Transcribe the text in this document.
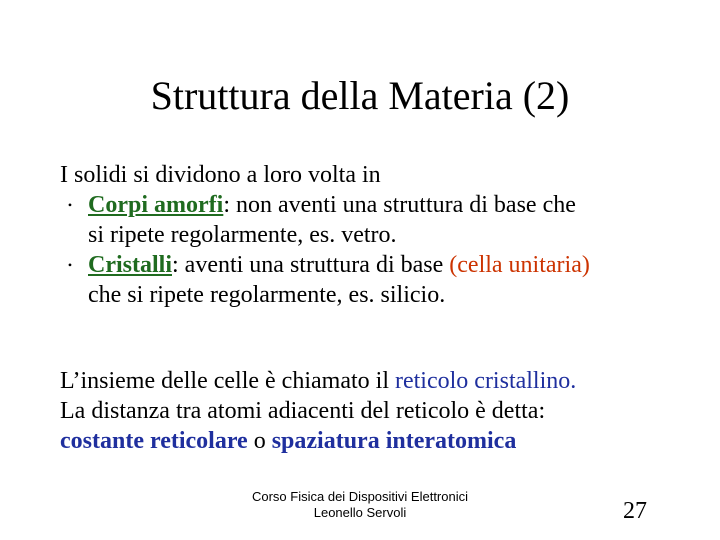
Struttura della Materia (2)
I solidi si dividono a loro volta in
• Corpi amorfi: non aventi una struttura di base che
si ripete regolarmente, es. vetro.
• Cristalli: aventi una struttura di base (cella unitaria)
che si ripete regolarmente, es. silicio.
L’insieme delle celle è chiamato il reticolo cristallino.
La distanza tra atomi adiacenti del reticolo è detta:
costante reticolare o spaziatura interatomica
Corso Fisica dei Dispositivi Elettronici
Leonello Servoli	27
